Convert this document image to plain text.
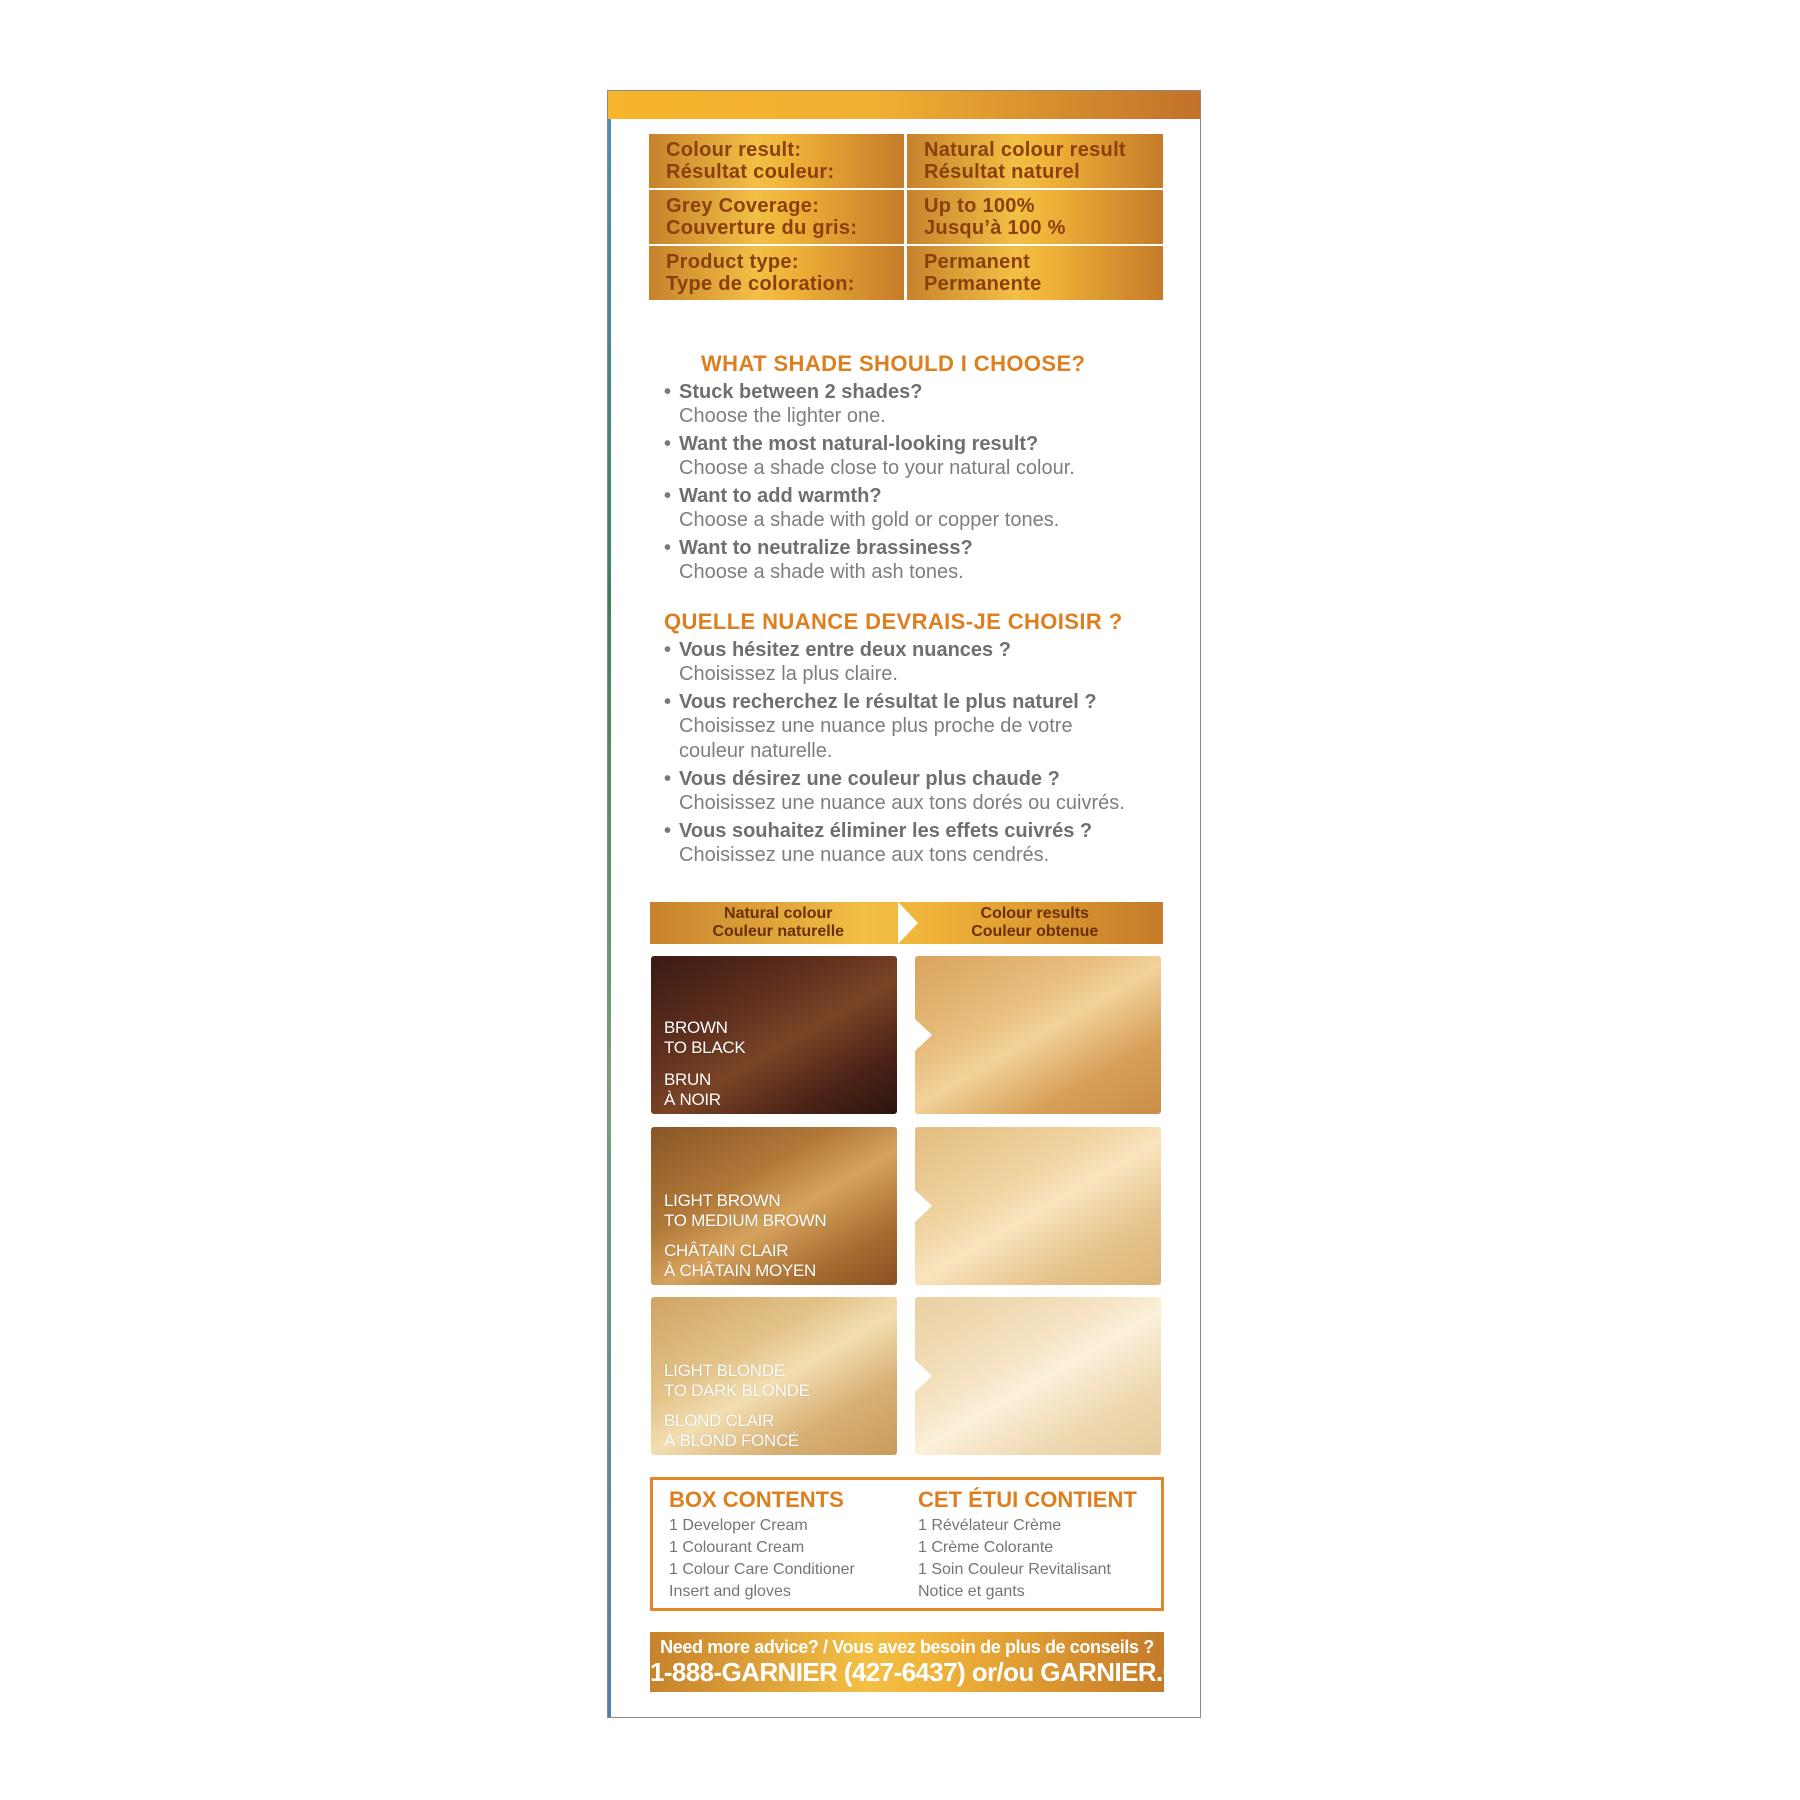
Colour result:
Résultat couleur:
Natural colour result
Résultat naturel
Grey Coverage:
Couverture du gris:
Up to 100%
Jusqu’à 100 %
Product type:
Type de coloration:
Permanent
Permanente
WHAT SHADE SHOULD I CHOOSE?
• Stuck between 2 shades?
Choose the lighter one.
• Want the most natural-looking result?
Choose a shade close to your natural colour.
• Want to add warmth?
Choose a shade with gold or copper tones.
• Want to neutralize brassiness?
Choose a shade with ash tones.
QUELLE NUANCE DEVRAIS-JE CHOISIR ?
• Vous hésitez entre deux nuances ?
Choisissez la plus claire.
• Vous recherchez le résultat le plus naturel ?
Choisissez une nuance plus proche de votre couleur naturelle.
• Vous désirez une couleur plus chaude ?
Choisissez une nuance aux tons dorés ou cuivrés.
• Vous souhaitez éliminer les effets cuivrés ?
Choisissez une nuance aux tons cendrés.
Natural colour
Couleur naturelle
Colour results
Couleur obtenue
BROWN
TO BLACK
BRUN
À NOIR
LIGHT BROWN
TO MEDIUM BROWN
CHÂTAIN CLAIR
À CHÂTAIN MOYEN
LIGHT BLONDE
TO DARK BLONDE
BLOND CLAIR
À BLOND FONCÉ
BOX CONTENTS
1 Developer Cream
1 Colourant Cream
1 Colour Care Conditioner
Insert and gloves
CET ÉTUI CONTIENT
1 Révélateur Crème
1 Crème Colorante
1 Soin Couleur Revitalisant
Notice et gants
Need more advice? / Vous avez besoin de plus de conseils ?
1-888-GARNIER (427-6437) or/ou GARNIER.CA
